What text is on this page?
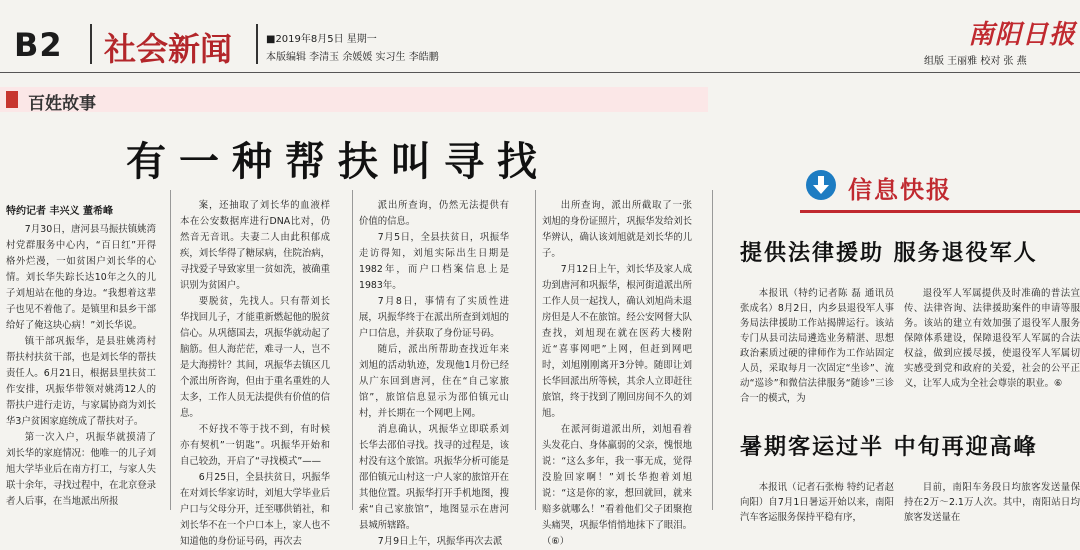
B2 社会新闻	■2019年8月5日 星期一
本版编辑 李清玉 余媛媛 实习生 李皓鹏
南阳日报
组版 王丽雅 校对 张 燕
百姓故事
有一种帮扶叫寻找
特约记者 丰兴义 董希峰

7月30日，唐河县马振扶镇姚湾村党群服务中心内，“百日红”开得格外烂漫，一如贫困户刘长华的心情。刘长华失踪长达10年之久的儿子刘旭站在他的身边。“我想着这辈子也见不着他了。是镇里和县乡干部给好了俺这块心病！”刘长华说。

镇干部巩振华，是县驻姚湾村帮扶村扶贫干部，也是刘长华的帮扶责任人。6月21日，根据县里扶贫工作安排，巩振华带领对姚湾12人的帮扶户进行走访，与家属协商为刘长华3户贫困家庭统成了帮扶对子。

第一次入户，巩振华就摸清了刘长华的家庭情况：他唯一的儿子刘旭大学毕业后在南方打工，与家人失联十余年，寻找过程中，在北京登录者人后事，在当地派出所报

案，还抽取了刘长华的血液样本在公安数据库进行DNA比对，仍然音无音讯。夫妻二人由此积郁成疾，刘长华得了糖尿病，住院治病，寻找爱子导致家里一贫如洗，被确重识别为贫困户。

要脱贫，先找人。只有帮刘长华找回儿子，才能重新燃起他的脱贫信心。从巩德国去，巩振华就动起了脑筋。但人海茫茫，难寻一人，岂不是大海捞针？其间，巩振华去镇区几个派出所咨询，但由于重名重姓的人太多，工作人员无法提供有价值的信息。

不好找不等于找不到，有时候亦有契机”一钥匙”。巩振华开始和自己较劲，开启了“寻找模式”——

6月25日，全县扶贫日，巩振华在对刘长华家访时，刘旭大学毕业后户口与父母分开，迁至哪供销社，和刘长华不在一个户口本上，家人也不知道他的身份证号码，再次去

派出所查询，仍然无法提供有价值的信息。

7月5日，全县扶贫日，巩振华走访得知，刘旭实际出生日期是1982年，而户口档案信息上是1983年。

7月8日，事情有了实质性进展，巩振华终于在派出所查到刘旭的户口信息，并获取了身份证号码。

随后，派出所帮助查找近年来刘旭的活动轨迹，发现他1月份已经从广东回到唐河，住在“自己家旅馆”，旅馆信息显示为邵伯镇元山村，并长期在一个网吧上网。

消息确认，巩振华立即联系刘长华去邵伯寻找。找寻的过程是，该村没有这个旅馆。巩振华分析可能是邵伯镇元山村这一户人家的旅馆开在其他位置。巩振华打开手机地图，搜索“自己家旅馆”，地图显示在唐河县城所辖路。

7月9日上午，巩振华再次去派

出所查询，派出所截取了一张刘旭的身份证照片，巩振华发给刘长华辨认，确认该刘旭就是刘长华的儿子。

7月12日上午，刘长华及家人成功到唐河和巩振华，根河街道派出所工作人员一起找人，确认刘旭尚未退房但是人不在旅馆。经公安网督大队查找，刘旭现在就在医药大楼附近“喜事网吧”上网，但赶到网吧时，刘旭刚刚离开3分钟。随即让刘长华回派出所等候，其余人立即赶往旅馆，终于找到了刚回房间不久的刘旭。

在派河街道派出所，刘旭看着头发花白、身体羸弱的父亲，愧恨地说：“这么多年，我一事无成，觉得没脸回家啊！”刘长华抱着刘旭说：“这是你的家，想回就回，就来赔多就哪么！”看着他们父子团聚抱头痛哭，巩振华悄悄地抹下了眼泪。（⑥）

信息快报
提供法律援助 服务退役军人

本报讯（特约记者陈 磊 通讯员张成名）8月2日，内乡县退役军人事务局法律援助工作站揭牌运行。该站专门从县司法局遴选业务精湛、思想政治素质过硬的律师作为工作站固定人员，采取每月一次固定“坐诊”、流动“巡诊”和微信法律服务“随诊”三诊合一的模式，为

退役军人军属提供及时准确的普法宣传、法律咨询、法律援助案件的申请等服务。该站的建立有效加强了退役军人服务保障体系建设，保障退役军人军属的合法权益，做到应援尽援，使退役军人军属切实感受到党和政府的关爱，社会的公平正义，让军人成为全社会尊崇的职业。⑥

暑期客运过半 中旬再迎高峰

本报讯（记者石张梅 特约记者赵向阳）自7月1日暑运开始以来，南阳汽车客运服务保持平稳有序，

目前，南阳车务段日均旅客发送量保持在2万～2.1万人次。其中，南阳站日均旅客发送量在
